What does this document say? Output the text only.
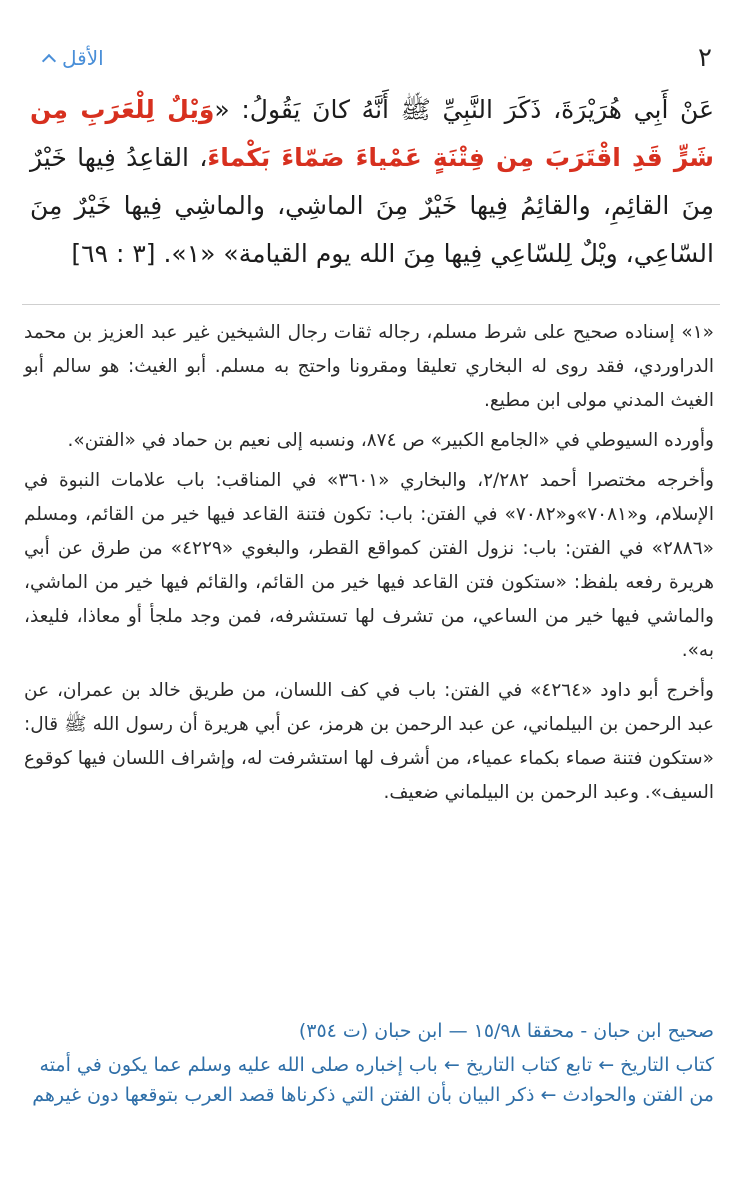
الأقل	٢
عَنْ أَبِي هُرَيْرَةَ، ذَكَرَ النَّبِيِّ ﷺ أَنَّهُ كانَ يَقُولُ: «وَيْلٌ لِلْعَرَبِ مِن شَرٍّ قَدِ اقْتَرَبَ مِن فِتْنَةٍ عَمْياءَ صَمّاءَ بَكْماءَ، القاعِدُ فِيها خَيْرٌ مِنَ القائِمِ، والقائِمُ فِيها خَيْرٌ مِنَ الماشِي، والماشِي فِيها خَيْرٌ مِنَ السّاعِي، ويْلٌ لِلسّاعِي فِيها مِنَ الله يوم القيامة» «١». [٣ : ٦٩]

«١» إسناده صحيح على شرط مسلم، رجاله ثقات رجال الشيخين غير عبد العزيز بن محمد الدراوردي، فقد روى له البخاري تعليقا ومقرونا واحتج به مسلم. أبو الغيث: هو سالم أبو الغيث المدني مولى ابن مطيع.

وأورده السيوطي في «الجامع الكبير» ص ٨٧٤، ونسبه إلى نعيم بن حماد في «الفتن».

وأخرجه مختصرا أحمد ٢/٢٨٢، والبخاري «٣٦٠١» في المناقب: باب علامات النبوة في الإسلام، و«٧٠٨١»و«٧٠٨٢» في الفتن: باب: تكون فتنة القاعد فيها خير من القائم، ومسلم «٢٨٨٦» في الفتن: باب: نزول الفتن كمواقع القطر، والبغوي «٤٢٢٩» من طرق عن أبي هريرة رفعه بلفظ: «ستكون فتن القاعد فيها خير من القائم، والقائم فيها خير من الماشي، والماشي فيها خير من الساعي، من تشرف لها تستشرفه، فمن وجد ملجأ أو معاذا، فليعذ، به».

وأخرج أبو داود «٤٢٦٤» في الفتن: باب في كف اللسان، من طريق خالد بن عمران، عن عبد الرحمن بن البيلماني، عن عبد الرحمن بن هرمز، عن أبي هريرة أن رسول الله ﷺ قال: «ستكون فتنة صماء بكماء عمياء، من أشرف لها استشرفت له، وإشراف اللسان فيها كوقوع السيف». وعبد الرحمن بن البيلماني ضعيف.

صحيح ابن حبان - محققا ١٥/٩٨ — ابن حبان (ت ٣٥٤)
كتاب التاريخ ← تابع كتاب التاريخ ← باب إخباره صلى الله عليه وسلم عما يكون في أمته من الفتن والحوادث ← ذكر البيان بأن الفتن التي ذكرناها قصد العرب بتوقعها دون غيرهم
